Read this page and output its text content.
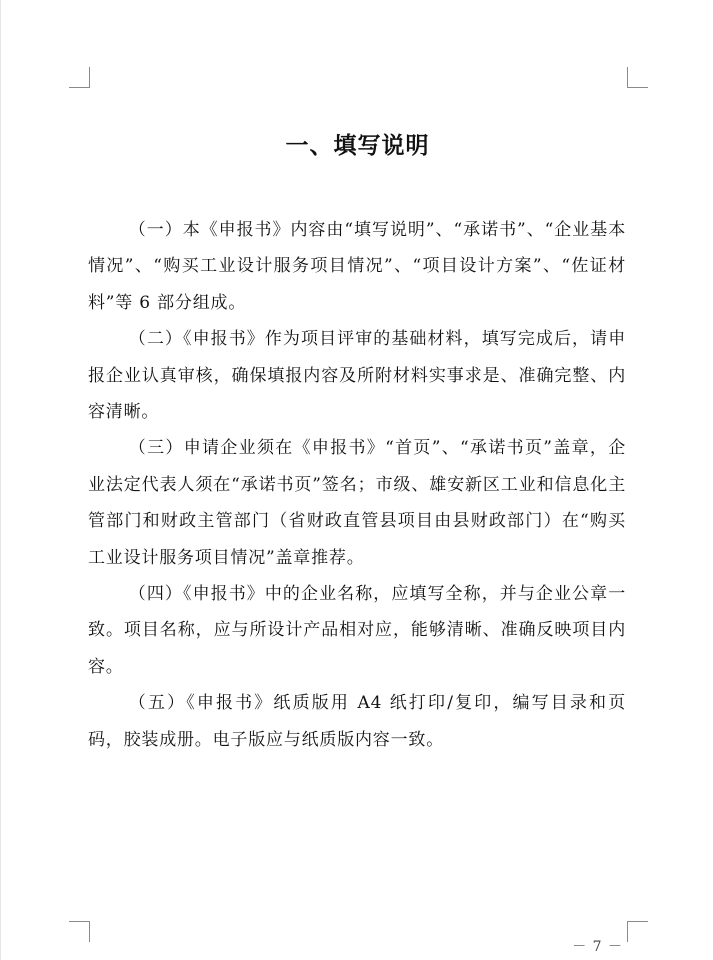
一、填写说明

（一）本《申报书》内容由“填写说明”、“承诺书”、“企业基本情况”、“购买工业设计服务项目情况”、“项目设计方案”、“佐证材料”等 6 部分组成。

（二）《申报书》作为项目评审的基础材料，填写完成后，请申报企业认真审核，确保填报内容及所附材料实事求是、准确完整、内容清晰。

（三）申请企业须在《申报书》“首页”、“承诺书页”盖章，企业法定代表人须在“承诺书页”签名；市级、雄安新区工业和信息化主管部门和财政主管部门（省财政直管县项目由县财政部门）在“购买工业设计服务项目情况”盖章推荐。

（四）《申报书》中的企业名称，应填写全称，并与企业公章一致。项目名称，应与所设计产品相对应，能够清晰、准确反映项目内容。

（五）《申报书》纸质版用 A4 纸打印/复印，编写目录和页码，胶装成册。电子版应与纸质版内容一致。

－ 7 －
